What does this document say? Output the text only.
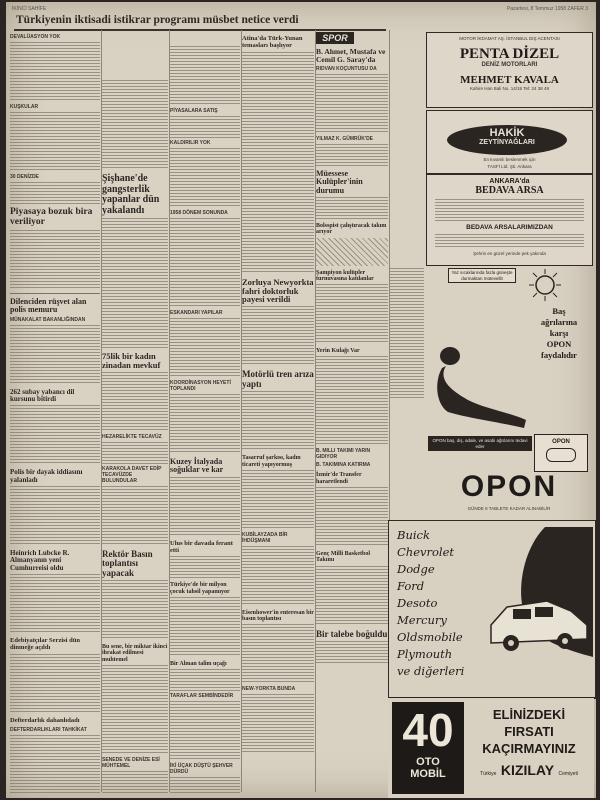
İKİNCİ SAHİFE	Pazartesi, 8 Temmuz 1958 ZAFER 3
Türkiyenin iktisadi istikrar programı müsbet netice verdi
DEVALÜASYON YOK
KUŞKULAR
30 DENİZDE
Piyasaya bozuk bira veriliyor
Dilenciden rüşvet alan polis memuru
MÜNAKALAT BAKANLIĞINDAN
262 subay yabancı dil kursunu bitirdi
Polis bir dayak iddiasını yalanladı
Heinrich Lubcke R. Almanyanın yeni Cumhurreisi oldu
Edebiyatçılar Serzisi dün dinmeğe açıldı
Defterdarlık dahanlıdadı
DEFTERDARLIKLARI TAHKİKAT
Şişhane'de gangsterlik yapanlar dün yakalandı
75lik bir kadın zinadan mevkuf
HEZARELİKTE TECAVÜZ
KARAKOLA DAVET EDİP TECAVÜZDE BULUNDULAR
Rektör Basın toplantısı yapacak
Bu sene, bir miktar ikinci ihrakat edilmesi muhtemel
SENEDE VE DENİZE ESİ MÜHTEMEL
PİYASALARA SATIŞ
KALDIRILIR YOK
1958 DÖNEM SONUNDA
ESKANDARI YAPILAR
KOORDİNASYON HEYETİ TOPLANDI
Kuzey İtalyada soğuklar ve kar
Ulus bir davada ferant etti
Türkiye'de bir milyon çocuk tahsil yapamıyor
Bir Alman talim uçağı
TARAFLAR SEMBİNDEDİR
İKİ ÜÇAK DÜŞTÜ ŞEHVER DÜRDÜ
Atina'da Türk-Yunan temasları başlıyor
Zorluya Newyorkta fahri doktorluk payesi verildi
Motörlü tren arıza yaptı
Tasarruf şarkısı, kadın ticareti yapıyormuş
KUBİLAYZADA BİR İHDÜŞMANI
Eisenhower'in enteresan bir basın toplantısı
NEW-YORKTA BUNDA
SPOR
B. Ahmet, Mustafa ve Cemil G. Saray'da
RIDVAN KOÇUNTUSU DA
YILMAZ K. GÜMRÜK'DE
Müessese Kulüpler'inin durumu
Bolsspist çalıştıracak takım arıyor
Şampiyon kulüpler turnuvasına katılanlar
Yerin Kulağı Var
B. MILLI TAKIMI YARIN GIDIYOR
B. TAKIMINA KATIRMA
İzmir'de Transfer hararetlendi
Genç Milli Basketbol Takımı
Bir talebe boğuldu
MOTOR İKDAMAT AŞ. İSTANBUL DIŞ ACENTASI
PENTA DİZEL
DENİZ MOTORLARI
MEHMET KAVALA
Kahire Han Bali No. 14/15 Tel: 24 38 49
HAKİK
ZEYTİNYAĞLARI
En kıvamlı beslenmek için
TASFİ Ltd. Şti. Ankara
ANKARA'da
BEDAVA ARSA
BEDAVA ARSALARIMIZDAN
Şehrin en güzel yerinde pek yakında
Yaz sıcaklarında fazla güneşte durmaktan mütevellit
Baş
ağrılarına
karşı
OPON
faydalıdır
OPON baş, diş, adale, ve asabi ağrılarını tedavi eder
OPON
OPON
GÜNDE 6 TABLETE KADAR ALINABİLİR
Buick
Chevrolet
Dodge
Ford
Desoto
Mercury
Oldsmobile
Plymouth
ve diğerleri
40
OTO
MOBİL
ELİNİZDEKİ
FIRSATI
KAÇIRMAYINIZ
Türkiye KIZILAY Cemiyeti
